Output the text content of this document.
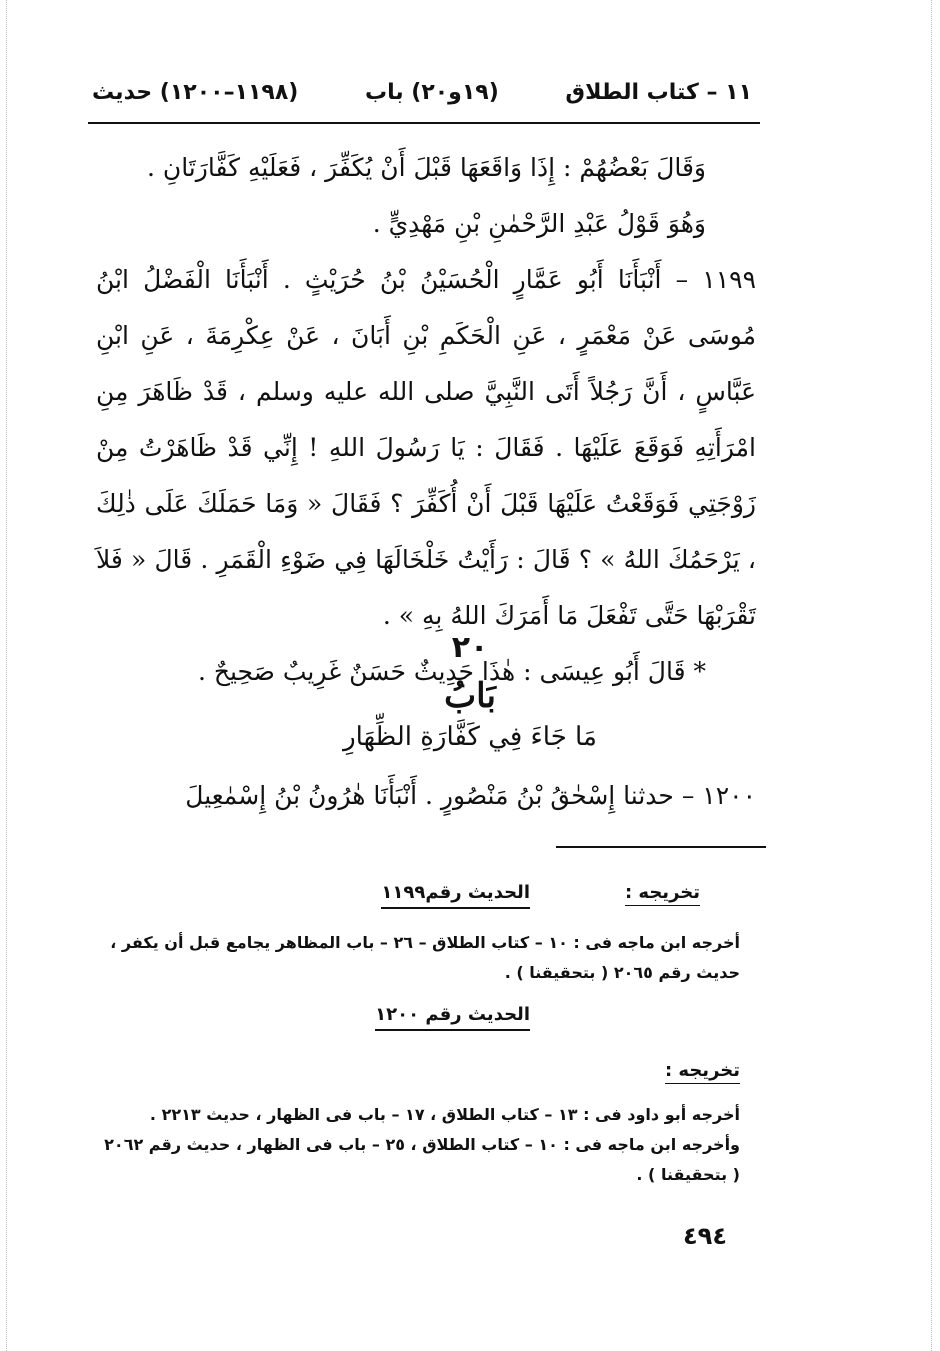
١١ – كتاب الطلاق
(١٩و٢٠) باب
(١١٩٨–١٢٠٠) حديث

وَقَالَ بَعْضُهُمْ : إِذَا وَاقَعَهَا قَبْلَ أَنْ يُكَفِّرَ ، فَعَلَيْهِ كَفَّارَتَانِ .

وَهُوَ قَوْلُ عَبْدِ الرَّحْمٰنِ بْنِ مَهْدِيٍّ .

١١٩٩ – أَنْبَأَنَا أَبُو عَمَّارٍ الْحُسَيْنُ بْنُ حُرَيْثٍ . أَنْبَأَنَا الْفَضْلُ ابْنُ مُوسَى عَنْ مَعْمَرٍ ، عَنِ الْحَكَمِ بْنِ أَبَانَ ، عَنْ عِكْرِمَةَ ، عَنِ ابْنِ عَبَّاسٍ ، أَنَّ رَجُلاً أَتَى النَّبِيَّ صلى الله عليه وسلم ، قَدْ ظَاهَرَ مِنِ امْرَأَتِهِ فَوَقَعَ عَلَيْهَا . فَقَالَ : يَا رَسُولَ اللهِ ! إِنِّي قَدْ ظَاهَرْتُ مِنْ زَوْجَتِي فَوَقَعْتُ عَلَيْهَا قَبْلَ أَنْ أُكَفِّرَ ؟ فَقَالَ « وَمَا حَمَلَكَ عَلَى ذٰلِكَ ، يَرْحَمُكَ اللهُ » ؟ قَالَ : رَأَيْتُ خَلْخَالَهَا فِي ضَوْءِ الْقَمَرِ . قَالَ « فَلاَ تَقْرَبْهَا حَتَّى تَفْعَلَ مَا أَمَرَكَ اللهُ بِهِ » .

* قَالَ أَبُو عِيسَى : هٰذَا حَدِيثٌ حَسَنٌ غَرِيبٌ صَحِيحٌ .

٢٠
بَابُ
مَا جَاءَ فِي كَفَّارَةِ الظِّهَارِ
١٢٠٠ – حدثنا إِسْحٰقُ بْنُ مَنْصُورٍ . أَنْبَأَنَا هٰرُونُ بْنُ إِسْمٰعِيلَ
تخريجه :
الحديث رقم١١٩٩
أخرجه ابن ماجه فى : ١٠ – كتاب الطلاق – ٢٦ – باب المظاهر يجامع قبل أن يكفر ، حديث رقم ٢٠٦٥ ( بتحقيقنا ) .
الحديث رقم ١٢٠٠
تخريجه :
أخرجه أبو داود فى : ١٣ – كتاب الطلاق ، ١٧ – باب فى الظهار ، حديث ٢٢١٣ .
وأخرجه ابن ماجه فى : ١٠ – كتاب الطلاق ، ٢٥ – باب فى الظهار ، حديث رقم ٢٠٦٢ ( بتحقيقنا ) .
٤٩٤
